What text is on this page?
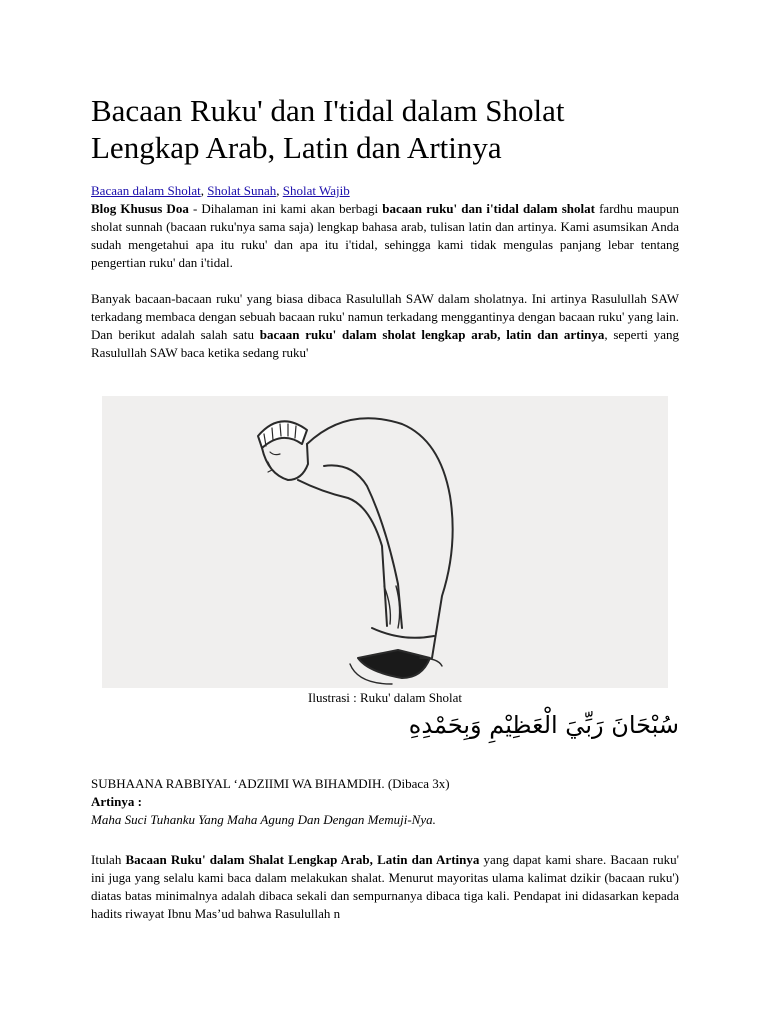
Bacaan Ruku' dan I'tidal dalam Sholat Lengkap Arab, Latin dan Artinya
Bacaan dalam Sholat, Sholat Sunah, Sholat Wajib
Blog Khusus Doa - Dihalaman ini kami akan berbagi bacaan ruku' dan i'tidal dalam sholat fardhu maupun sholat sunnah (bacaan ruku'nya sama saja) lengkap bahasa arab, tulisan latin dan artinya. Kami asumsikan Anda sudah mengetahui apa itu ruku' dan apa itu i'tidal, sehingga kami tidak mengulas panjang lebar tentang pengertian ruku' dan i'tidal.
Banyak bacaan-bacaan ruku' yang biasa dibaca Rasulullah SAW dalam sholatnya. Ini artinya Rasulullah SAW terkadang membaca dengan sebuah bacaan ruku' namun terkadang menggantinya dengan bacaan ruku' yang lain. Dan berikut adalah salah satu bacaan ruku' dalam sholat lengkap arab, latin dan artinya, seperti yang Rasulullah SAW baca ketika sedang ruku'
Ilustrasi : Ruku' dalam Sholat
سُبْحَانَ رَبِّيَ الْعَظِيْمِ وَبِحَمْدِهِ
SUBHAANA RABBIYAL ‘ADZIIMI WA BIHAMDIH. (Dibaca 3x)
Artinya :
Maha Suci Tuhanku Yang Maha Agung Dan Dengan Memuji-Nya.
Itulah Bacaan Ruku' dalam Shalat Lengkap Arab, Latin dan Artinya yang dapat kami share. Bacaan ruku' ini juga yang selalu kami baca dalam melakukan shalat. Menurut mayoritas ulama kalimat dzikir (bacaan ruku') diatas batas minimalnya adalah dibaca sekali dan sempurnanya dibaca tiga kali. Pendapat ini didasarkan kepada hadits riwayat Ibnu Mas’ud bahwa Rasulullah n
